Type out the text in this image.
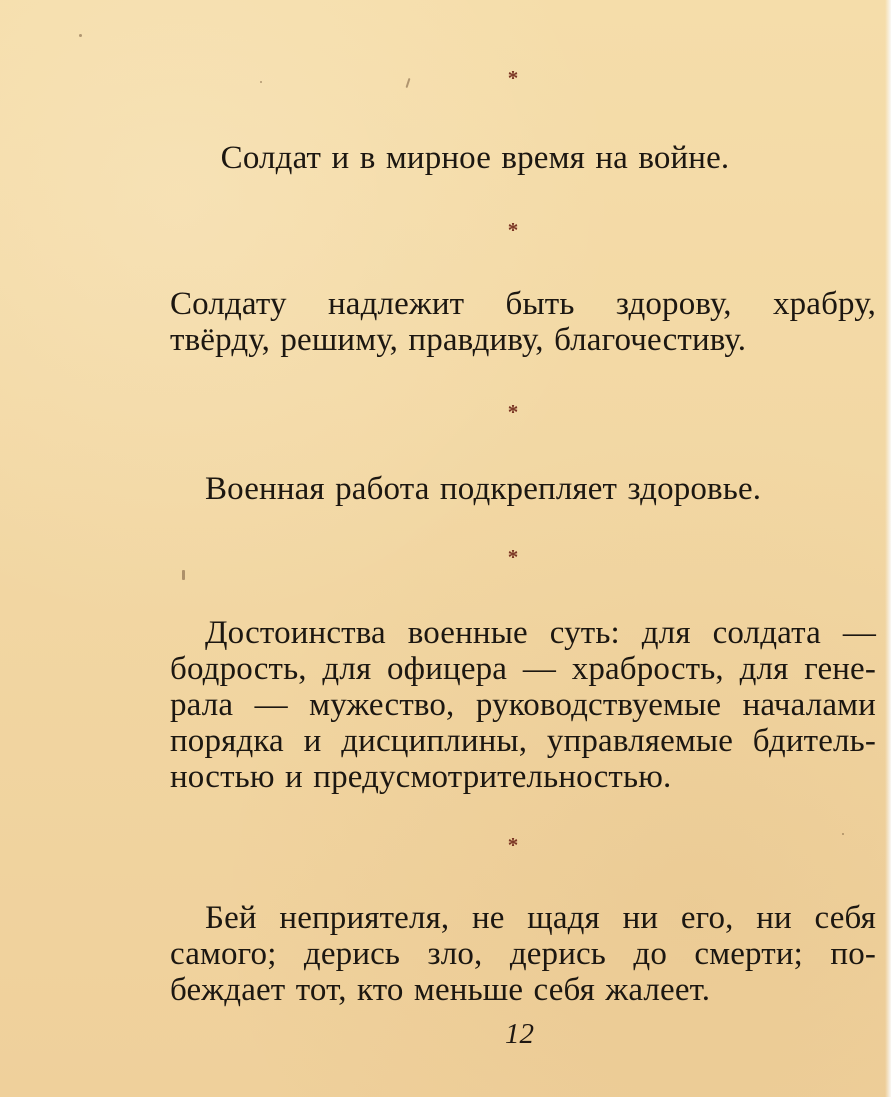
*
Солдат и в мирное время на войне.
*
Солдату надлежит быть здорову, храбру,
твёрду, решиму, правдиву, благочестиву.
*
Военная работа подкрепляет здоровье.
*
Достоинства военные суть: для солдата —
бодрость, для офицера — храбрость, для гене-
рала — мужество, руководствуемые началами
порядка и дисциплины, управляемые бдитель-
ностью и предусмотрительностью.
*
Бей неприятеля, не щадя ни его, ни себя
самого; дерись зло, дерись до смерти; по-
беждает тот, кто меньше себя жалеет.
12
